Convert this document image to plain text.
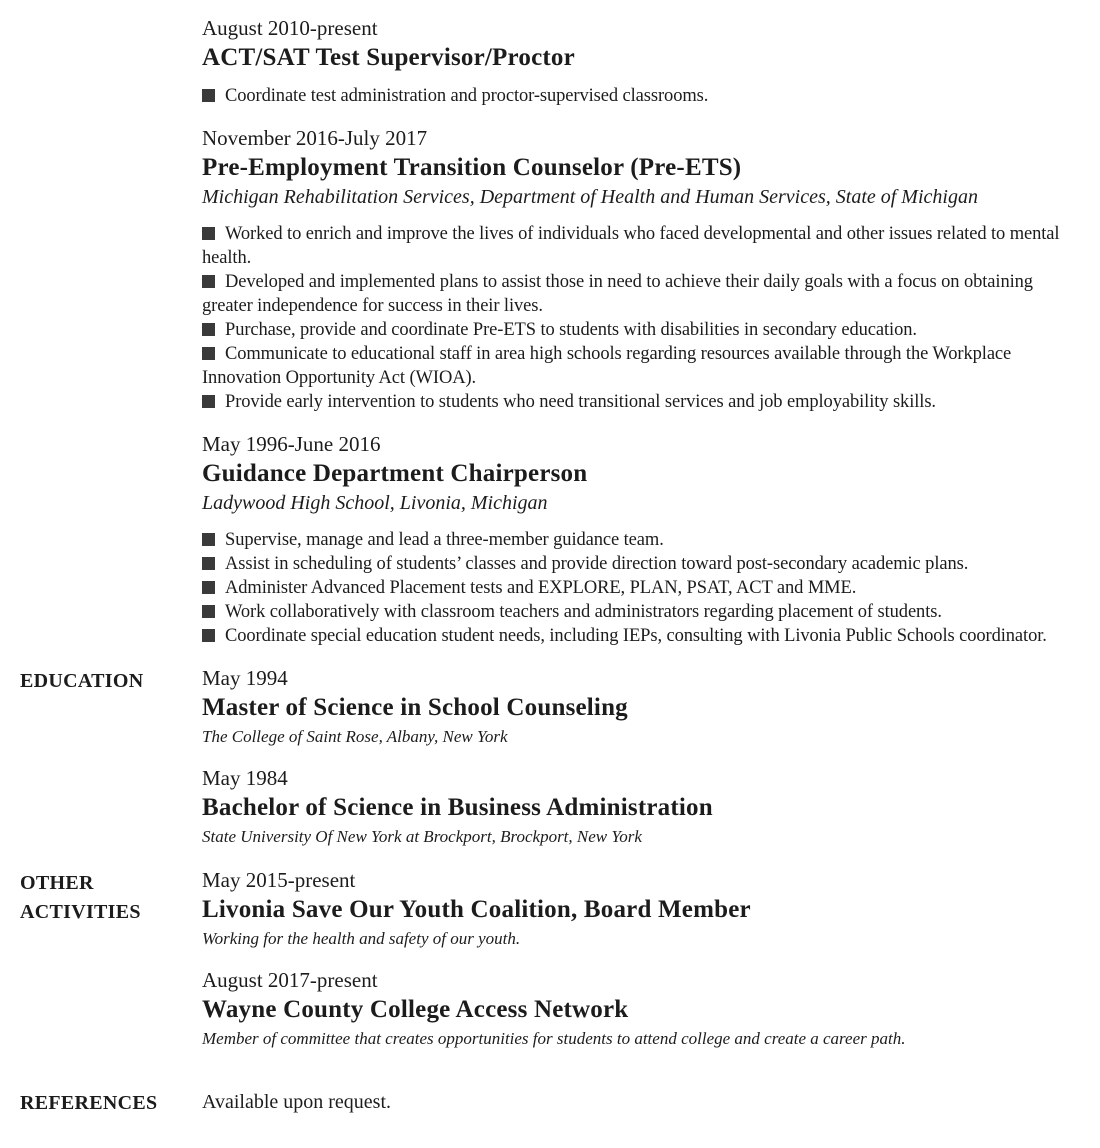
August 2010-present
ACT/SAT Test Supervisor/Proctor
Coordinate test administration and proctor-supervised classrooms.
November 2016-July 2017
Pre-Employment Transition Counselor (Pre-ETS)
Michigan Rehabilitation Services, Department of Health and Human Services, State of Michigan
Worked to enrich and improve the lives of individuals who faced developmental and other issues related to mental health.
Developed and implemented plans to assist those in need to achieve their daily goals with a focus on obtaining greater independence for success in their lives.
Purchase, provide and coordinate Pre-ETS to students with disabilities in secondary education.
Communicate to educational staff in area high schools regarding resources available through the Workplace Innovation Opportunity Act (WIOA).
Provide early intervention to students who need transitional services and job employability skills.
May 1996-June 2016
Guidance Department Chairperson
Ladywood High School, Livonia, Michigan
Supervise, manage and lead a three-member guidance team.
Assist in scheduling of students’ classes and provide direction toward post-secondary academic plans.
Administer Advanced Placement tests and EXPLORE, PLAN, PSAT, ACT and MME.
Work collaboratively with classroom teachers and administrators regarding placement of students.
Coordinate special education student needs, including IEPs, consulting with Livonia Public Schools coordinator.
EDUCATION	May 1994
Master of Science in School Counseling
The College of Saint Rose, Albany, New York
May 1984
Bachelor of Science in Business Administration
State University Of New York at Brockport, Brockport, New York
OTHER ACTIVITIES
May 2015-present
Livonia Save Our Youth Coalition, Board Member
Working for the health and safety of our youth.
August 2017-present
Wayne County College Access Network
Member of committee that creates opportunities for students to attend college and create a career path.
REFERENCES	Available upon request.
